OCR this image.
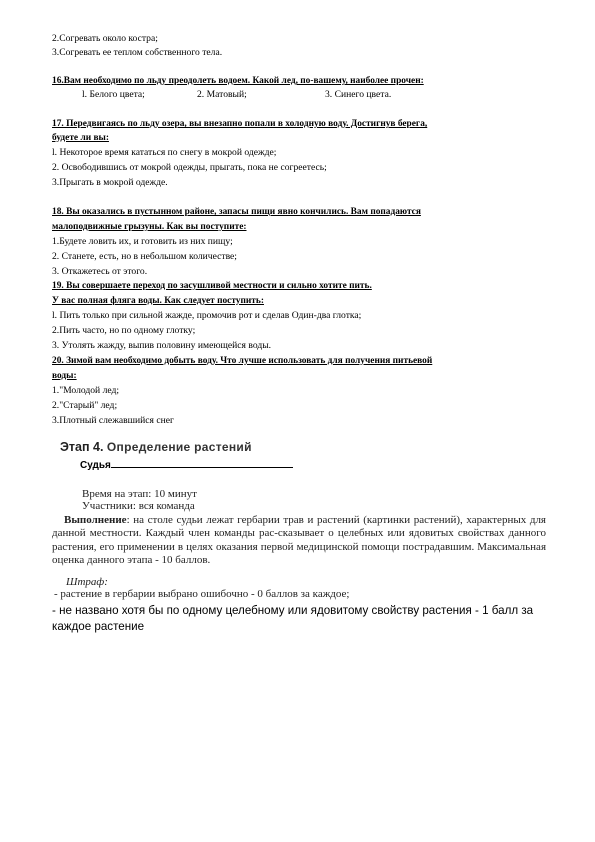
2.Согревать около костра;
3.Согревать ее теплом собственного тела.
16.Вам необходимо по льду преодолеть водоем. Какой лед, по-вашему, наиболее прочен:
l. Белого цвета;	2. Матовый;	3. Синего цвета.
17. Передвигаясь по льду озера, вы внезапно попали в холодную воду. Достигнув берега,
будете ли вы:
l. Некоторое время кататься по снегу в мокрой одежде;
2. Освободившись от мокрой одежды, прыгать, пока не согреетесь;
3.Прыгать в мокрой одежде.
18. Вы оказались в пустынном районе, запасы пищи явно кончились. Вам попадаются
малоподвижные грызуны. Как вы поступите:
1.Будете ловить их, и готовить из них пищу;
2. Станете, есть, но в небольшом количестве;
3. Откажетесь от этого.
19. Вы совершаете переход по засушливой местности и сильно хотите пить.
У вас полная фляга воды. Как следует поступить:
l. Пить только при сильной жажде, промочив рот и сделав Один-два глотка;
2.Пить часто, но по одному глотку;
3. Утолять жажду, выпив половину имеющейся воды.
20. Зимой вам необходимо добыть воду. Что лучше использовать для получения питьевой
воды:
1."Молодой лед;
2."Старый" лед;
3.Плотный слежавшийся снег
Этап 4. Определение растений
Судья
Время на этап: 10 минут
Участники: вся команда
Выполнение: на столе судьи лежат гербарии трав и растений (картинки растений), характерных для данной местности. Каждый член команды рас-сказывает о целебных или ядовитых свойствах данного растения, его применении в целях оказания первой медицинской помощи пострадавшим. Максимальная оценка данного этапа - 10 баллов.
Штраф:
- растение в гербарии выбрано ошибочно - 0 баллов за каждое;
- не названо хотя бы по одному целебному или ядовитому свойству растения - 1 балл за каждое растение
